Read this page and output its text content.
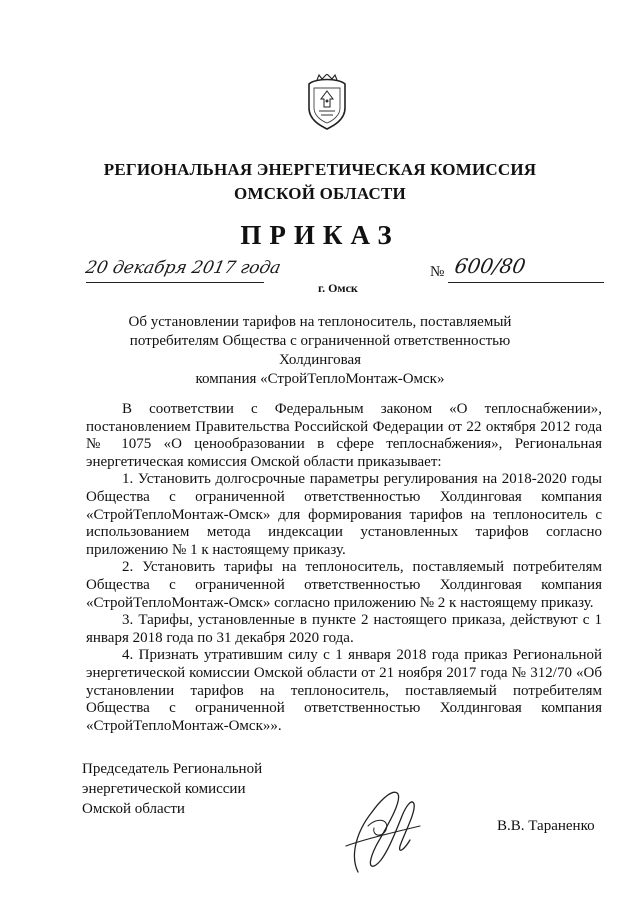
РЕГИОНАЛЬНАЯ ЭНЕРГЕТИЧЕСКАЯ КОМИССИЯ
ОМСКОЙ ОБЛАСТИ
ПРИКАЗ
20 декабря 2017 года
г. Омск
№ 600/80
Об установлении тарифов на теплоноситель, поставляемый
потребителям Общества с ограниченной ответственностью Холдинговая
компания «СтройТеплоМонтаж-Омск»

В соответствии с Федеральным законом «О теплоснабжении», постановлением Правительства Российской Федерации от 22 октября 2012 года № 1075 «О ценообразовании в сфере теплоснабжения», Региональная энергетическая комиссия Омской области приказывает:

1. Установить долгосрочные параметры регулирования на 2018-2020 годы Общества с ограниченной ответственностью Холдинговая компания «СтройТеплоМонтаж-Омск» для формирования тарифов на теплоноситель с использованием метода индексации установленных тарифов согласно приложению № 1 к настоящему приказу.

2. Установить тарифы на теплоноситель, поставляемый потребителям Общества с ограниченной ответственностью Холдинговая компания «СтройТеплоМонтаж-Омск» согласно приложению № 2 к настоящему приказу.

3. Тарифы, установленные в пункте 2 настоящего приказа, действуют с 1 января 2018 года по 31 декабря 2020 года.

4. Признать утратившим силу с 1 января 2018 года приказ Региональной энергетической комиссии Омской области от 21 ноября 2017 года № 312/70 «Об установлении тарифов на теплоноситель, поставляемый потребителям Общества с ограниченной ответственностью Холдинговая компания «СтройТеплоМонтаж-Омск»».

Председатель Региональной
энергетической комиссии
Омской области
В.В. Тараненко
